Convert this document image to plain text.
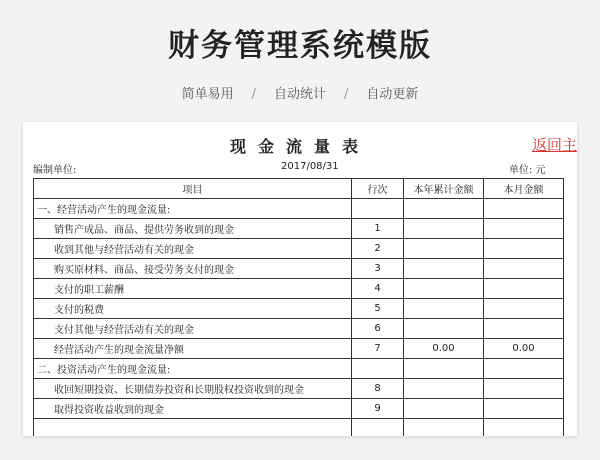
财务管理系统模版
简单易用 / 自动统计 / 自动更新
现金流量表	返回主
编制单位:	2017/08/31	单位: 元
项目	行次	本年累计金额	本月金额
一、经营活动产生的现金流量:			
销售产成品、商品、提供劳务收到的现金	1		
收到其他与经营活动有关的现金	2		
购买原材料、商品、接受劳务支付的现金	3		
支付的职工薪酬	4		
支付的税费	5		
支付其他与经营活动有关的现金	6		
经营活动产生的现金流量净额	7	0.00	0.00
二、投资活动产生的现金流量:			
收回短期投资、长期债券投资和长期股权投资收到的现金	8		
取得投资收益收到的现金	9		
